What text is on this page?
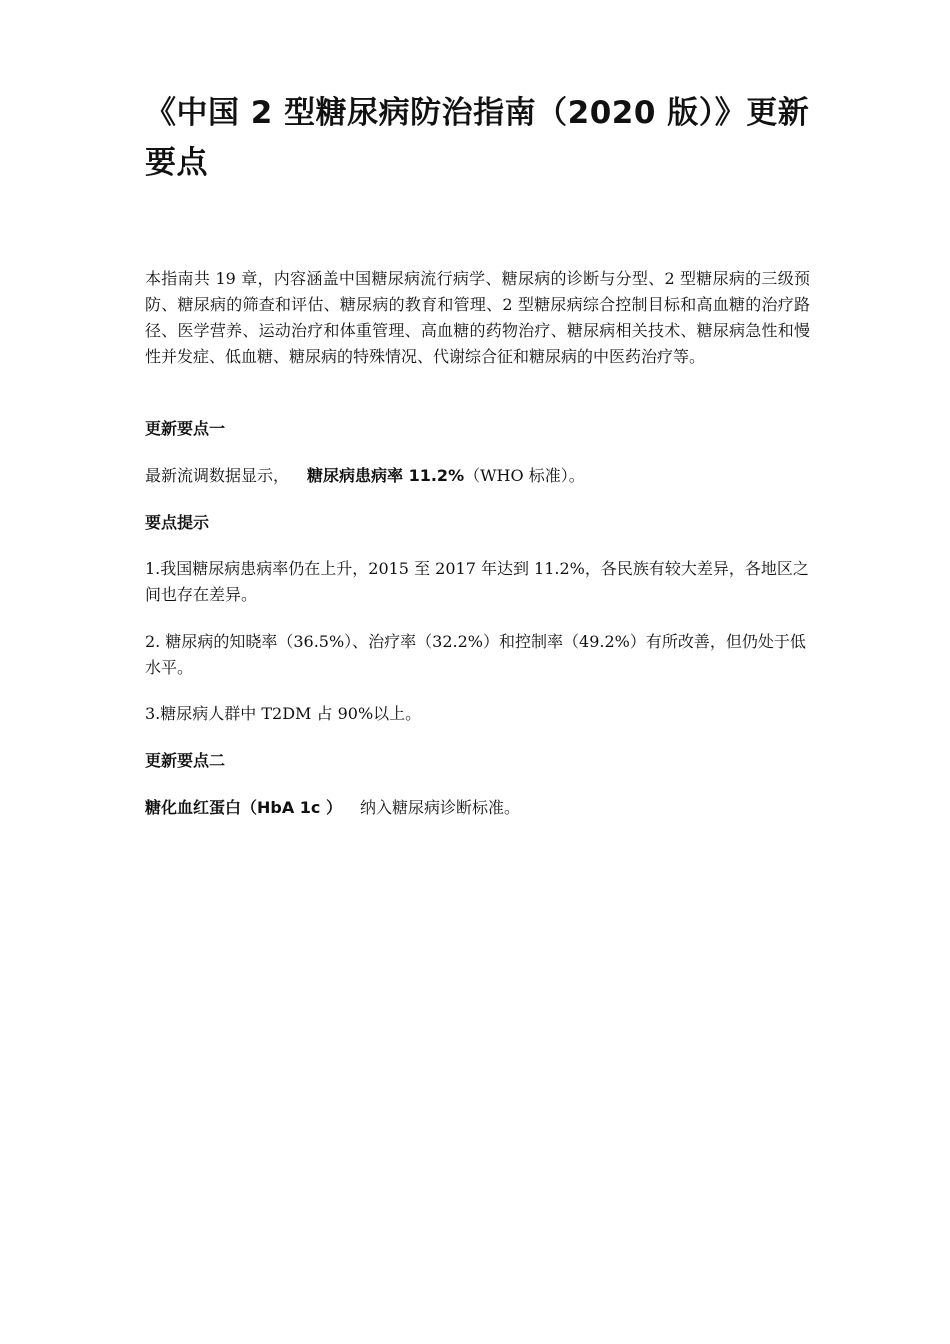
《中国 2 型糖尿病防治指南（2020 版）》更新要点

本指南共 19 章，内容涵盖中国糖尿病流行病学、糖尿病的诊断与分型、2 型糖尿病的三级预防、糖尿病的筛查和评估、糖尿病的教育和管理、2 型糖尿病综合控制目标和高血糖的治疗路径、医学营养、运动治疗和体重管理、高血糖的药物治疗、糖尿病相关技术、糖尿病急性和慢性并发症、低血糖、糖尿病的特殊情况、代谢综合征和糖尿病的中医药治疗等。

更新要点一

最新流调数据显示， 糖尿病患病率 11.2%（WHO 标准）。

要点提示

1.我国糖尿病患病率仍在上升，2015 至 2017 年达到 11.2%，各民族有较大差异，各地区之间也存在差异。

2. 糖尿病的知晓率（36.5%）、治疗率（32.2%）和控制率（49.2%）有所改善，但仍处于低水平。

3.糖尿病人群中 T2DM 占 90%以上。

更新要点二

糖化血红蛋白（HbA 1c ） 纳入糖尿病诊断标准。
